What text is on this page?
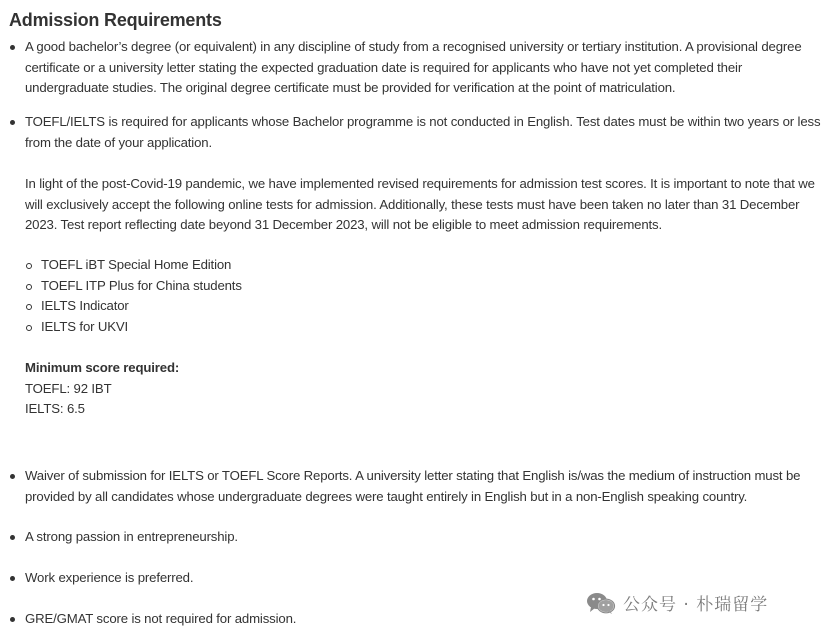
Admission Requirements
A good bachelor’s degree (or equivalent) in any discipline of study from a recognised university or tertiary institution. A provisional degree
certificate or a university letter stating the expected graduation date is required for applicants who have not yet completed their
undergraduate studies. The original degree certificate must be provided for verification at the point of matriculation.
TOEFL/IELTS is required for applicants whose Bachelor programme is not conducted in English. Test dates must be within two years or less
from the date of your application.
In light of the post-Covid-19 pandemic, we have implemented revised requirements for admission test scores. It is important to note that we
will exclusively accept the following online tests for admission. Additionally, these tests must have been taken no later than 31 December
2023. Test report reflecting date beyond 31 December 2023, will not be eligible to meet admission requirements.
TOEFL iBT Special Home Edition
TOEFL ITP Plus for China students
IELTS Indicator
IELTS for UKVI
Minimum score required:
TOEFL: 92 IBT
IELTS: 6.5
Waiver of submission for IELTS or TOEFL Score Reports. A university letter stating that English is/was the medium of instruction must be
provided by all candidates whose undergraduate degrees were taught entirely in English but in a non-English speaking country.
A strong passion in entrepreneurship.
Work experience is preferred.
GRE/GMAT score is not required for admission.
公众号 · 朴瑞留学
